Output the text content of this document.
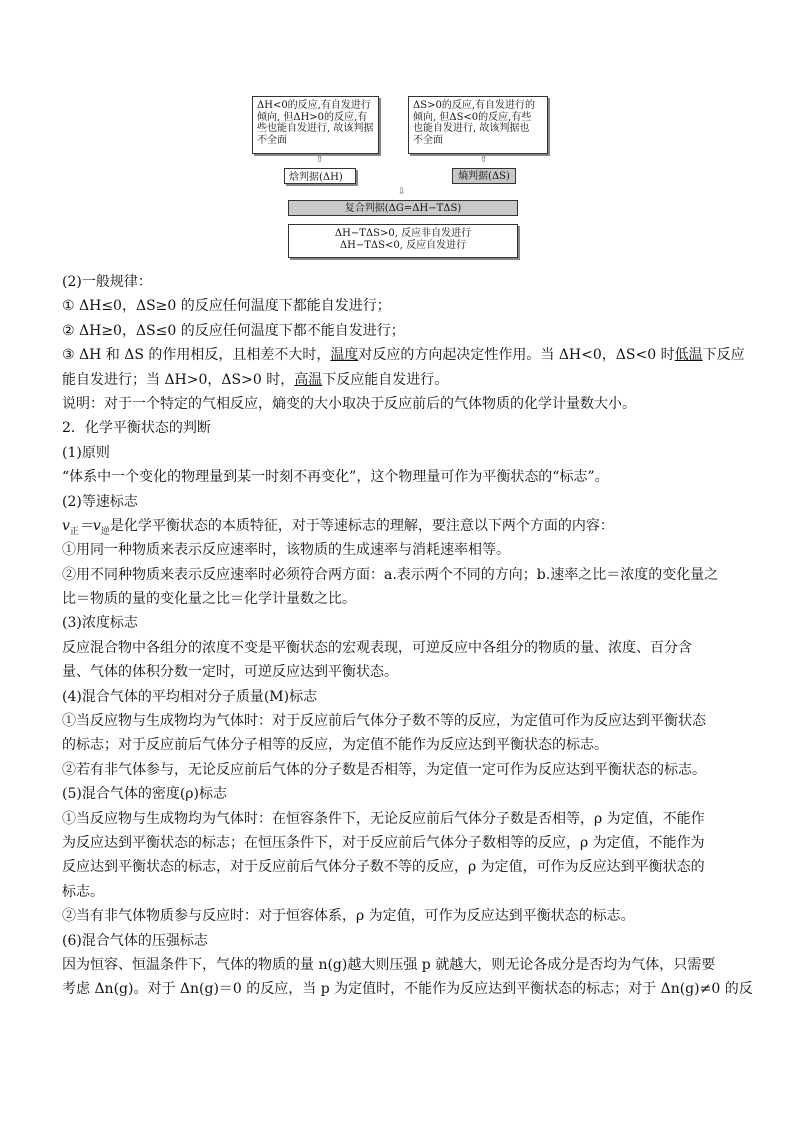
ΔH<0的反应,有自发进行
倾向, 但ΔH>0的反应,有
些也能自发进行, 故该判据
不全面
ΔS>0的反应,有自发进行的
倾向, 但ΔS<0的反应,有些
也能自发进行, 故该判据也
不全面
⇧	⇧
焓判据(ΔH)	熵判据(ΔS)
⇩
复合判据(ΔG=ΔH−TΔS)
ΔH−TΔS>0, 反应非自发进行
ΔH−TΔS<0, 反应自发进行
(2)一般规律：
① ΔH≤0，ΔS≥0 的反应任何温度下都能自发进行；
② ΔH≥0，ΔS≤0 的反应任何温度下都不能自发进行；
③ ΔH 和 ΔS 的作用相反，且相差不大时，温度对反应的方向起决定性作用。当 ΔH<0，ΔS<0 时低温下反应
能自发进行；当 ΔH>0，ΔS>0 时，高温下反应能自发进行。
说明：对于一个特定的气相反应，熵变的大小取决于反应前后的气体物质的化学计量数大小。
2．化学平衡状态的判断
(1)原则
“体系中一个变化的物理量到某一时刻不再变化”，这个物理量可作为平衡状态的“标志”。
(2)等速标志
$v_正=v_逆$是化学平衡状态的本质特征，对于等速标志的理解，要注意以下两个方面的内容：
①用同一种物质来表示反应速率时，该物质的生成速率与消耗速率相等。
②用不同种物质来表示反应速率时必须符合两方面：a.表示两个不同的方向；b.速率之比＝浓度的变化量之
比＝物质的量的变化量之比＝化学计量数之比。
(3)浓度标志
反应混合物中各组分的浓度不变是平衡状态的宏观表现，可逆反应中各组分的物质的量、浓度、百分含
量、气体的体积分数一定时，可逆反应达到平衡状态。
(4)混合气体的平均相对分子质量(M)标志
①当反应物与生成物均为气体时：对于反应前后气体分子数不等的反应，为定值可作为反应达到平衡状态
的标志；对于反应前后气体分子相等的反应，为定值不能作为反应达到平衡状态的标志。
②若有非气体参与，无论反应前后气体的分子数是否相等，为定值一定可作为反应达到平衡状态的标志。
(5)混合气体的密度(ρ)标志
①当反应物与生成物均为气体时：在恒容条件下，无论反应前后气体分子数是否相等，ρ 为定值，不能作
为反应达到平衡状态的标志；在恒压条件下，对于反应前后气体分子数相等的反应，ρ 为定值，不能作为
反应达到平衡状态的标志，对于反应前后气体分子数不等的反应，ρ 为定值，可作为反应达到平衡状态的
标志。
②当有非气体物质参与反应时：对于恒容体系，ρ 为定值，可作为反应达到平衡状态的标志。
(6)混合气体的压强标志
因为恒容、恒温条件下，气体的物质的量 n(g)越大则压强 p 就越大，则无论各成分是否均为气体，只需要
考虑 Δn(g)。对于 Δn(g)＝0 的反应，当 p 为定值时，不能作为反应达到平衡状态的标志；对于 Δn(g)≠0 的反
